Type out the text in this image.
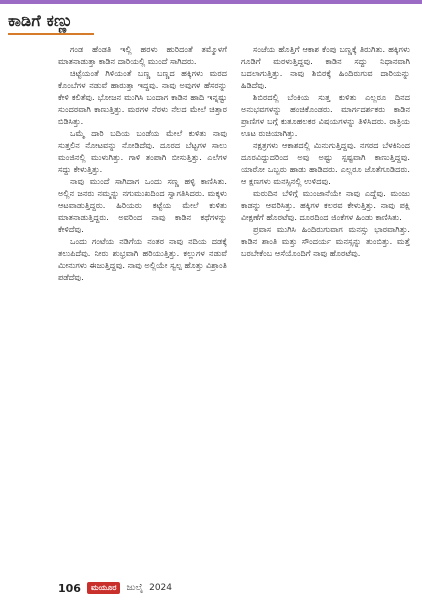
ಕಾಡಿಗೆ ಕಣ್ಣು

ಗಂಡ ಹೆಂಡತಿ ಇಲ್ಲಿ ಹರಳು ಹುರಿದಂತೆ ತಮ್ಮೊಳಗೆ ಮಾತನಾಡುತ್ತಾ ಕಾಡಿನ ದಾರಿಯಲ್ಲಿ ಮುಂದೆ ಸಾಗಿದರು.

ಚಿಟ್ಟೆಯಂತೆ ಗಿಳಿಯಂತೆ ಬಣ್ಣ ಬಣ್ಣದ ಹಕ್ಕಿಗಳು ಮರದ ಕೊಂಬೆಗಳ ನಡುವೆ ಹಾರುತ್ತಾ ಇದ್ದವು. ನಾವು ಅವುಗಳ ಹೆಸರನ್ನು ಕೇಳಿ ಕಲಿತೆವು. ಭೋಜನ ಮುಗಿಸಿ ಬಂದಾಗ ಕಾಡಿನ ಹಾದಿ ಇನ್ನಷ್ಟು ಸುಂದರವಾಗಿ ಕಾಣುತ್ತಿತ್ತು. ಮರಗಳ ನೆರಳು ನೆಲದ ಮೇಲೆ ಚಿತ್ತಾರ ಬಿಡಿಸಿತ್ತು.

ಒಮ್ಮೆ ದಾರಿ ಬದಿಯ ಬಂಡೆಯ ಮೇಲೆ ಕುಳಿತು ನಾವು ಸುತ್ತಲಿನ ನೋಟವನ್ನು ನೋಡಿದೆವು. ದೂರದ ಬೆಟ್ಟಗಳ ಸಾಲು ಮಂಜಿನಲ್ಲಿ ಮುಳುಗಿತ್ತು. ಗಾಳಿ ತಂಪಾಗಿ ಬೀಸುತ್ತಿತ್ತು. ಎಲೆಗಳ ಸದ್ದು ಕೇಳುತ್ತಿತ್ತು.

ನಾವು ಮುಂದೆ ಸಾಗಿದಾಗ ಒಂದು ಸಣ್ಣ ಹಳ್ಳಿ ಕಾಣಿಸಿತು. ಅಲ್ಲಿನ ಜನರು ನಮ್ಮನ್ನು ನಗುಮುಖದಿಂದ ಸ್ವಾಗತಿಸಿದರು. ಮಕ್ಕಳು ಆಟವಾಡುತ್ತಿದ್ದರು. ಹಿರಿಯರು ಕಟ್ಟೆಯ ಮೇಲೆ ಕುಳಿತು ಮಾತನಾಡುತ್ತಿದ್ದರು. ಅವರಿಂದ ನಾವು ಕಾಡಿನ ಕಥೆಗಳನ್ನು ಕೇಳಿದೆವು.

ಒಂದು ಗಂಟೆಯ ನಡಿಗೆಯ ನಂತರ ನಾವು ನದಿಯ ದಡಕ್ಕೆ ತಲುಪಿದೆವು. ನೀರು ಶುಭ್ರವಾಗಿ ಹರಿಯುತ್ತಿತ್ತು. ಕಲ್ಲುಗಳ ನಡುವೆ ಮೀನುಗಳು ಈಜುತ್ತಿದ್ದವು. ನಾವು ಅಲ್ಲಿಯೇ ಸ್ವಲ್ಪ ಹೊತ್ತು ವಿಶ್ರಾಂತಿ ಪಡೆದೆವು.

ಸಂಜೆಯ ಹೊತ್ತಿಗೆ ಆಕಾಶ ಕೆಂಪು ಬಣ್ಣಕ್ಕೆ ತಿರುಗಿತು. ಹಕ್ಕಿಗಳು ಗೂಡಿಗೆ ಮರಳುತ್ತಿದ್ದವು. ಕಾಡಿನ ಸದ್ದು ನಿಧಾನವಾಗಿ ಬದಲಾಗುತ್ತಿತ್ತು. ನಾವು ಶಿಬಿರಕ್ಕೆ ಹಿಂದಿರುಗುವ ದಾರಿಯನ್ನು ಹಿಡಿದೆವು.

ಶಿಬಿರದಲ್ಲಿ ಬೆಂಕಿಯ ಸುತ್ತ ಕುಳಿತು ಎಲ್ಲರೂ ದಿನದ ಅನುಭವಗಳನ್ನು ಹಂಚಿಕೊಂಡರು. ಮಾರ್ಗದರ್ಶಕರು ಕಾಡಿನ ಪ್ರಾಣಿಗಳ ಬಗ್ಗೆ ಕುತೂಹಲಕರ ವಿಷಯಗಳನ್ನು ತಿಳಿಸಿದರು. ರಾತ್ರಿಯ ಊಟ ರುಚಿಯಾಗಿತ್ತು.

ನಕ್ಷತ್ರಗಳು ಆಕಾಶದಲ್ಲಿ ಮಿನುಗುತ್ತಿದ್ದವು. ನಗರದ ಬೆಳಕಿನಿಂದ ದೂರವಿದ್ದುದರಿಂದ ಅವು ಅಷ್ಟು ಸ್ಪಷ್ಟವಾಗಿ ಕಾಣುತ್ತಿದ್ದವು. ಯಾರೋ ಒಬ್ಬರು ಹಾಡು ಹಾಡಿದರು. ಎಲ್ಲರೂ ಜೊತೆಗೂಡಿದರು. ಆ ಕ್ಷಣಗಳು ಮನಸ್ಸಿನಲ್ಲಿ ಉಳಿದವು.

ಮರುದಿನ ಬೆಳಿಗ್ಗೆ ಮುಂಜಾನೆಯೇ ನಾವು ಎದ್ದೆವು. ಮಂಜು ಕಾಡನ್ನು ಆವರಿಸಿತ್ತು. ಹಕ್ಕಿಗಳ ಕಲರವ ಕೇಳುತ್ತಿತ್ತು. ನಾವು ಪಕ್ಷಿ ವೀಕ್ಷಣೆಗೆ ಹೊರಟೆವು. ದೂರದಿಂದ ಜಿಂಕೆಗಳ ಹಿಂಡು ಕಾಣಿಸಿತು.

ಪ್ರವಾಸ ಮುಗಿಸಿ ಹಿಂದಿರುಗುವಾಗ ಮನಸ್ಸು ಭಾರವಾಗಿತ್ತು. ಕಾಡಿನ ಶಾಂತಿ ಮತ್ತು ಸೌಂದರ್ಯ ಮನಸ್ಸನ್ನು ತುಂಬಿತ್ತು. ಮತ್ತೆ ಬರಬೇಕೆಂಬ ಆಸೆಯೊಂದಿಗೆ ನಾವು ಹೊರಟೆವು.

106	ಮಯೂರ	ಜುಲೈ 2024
